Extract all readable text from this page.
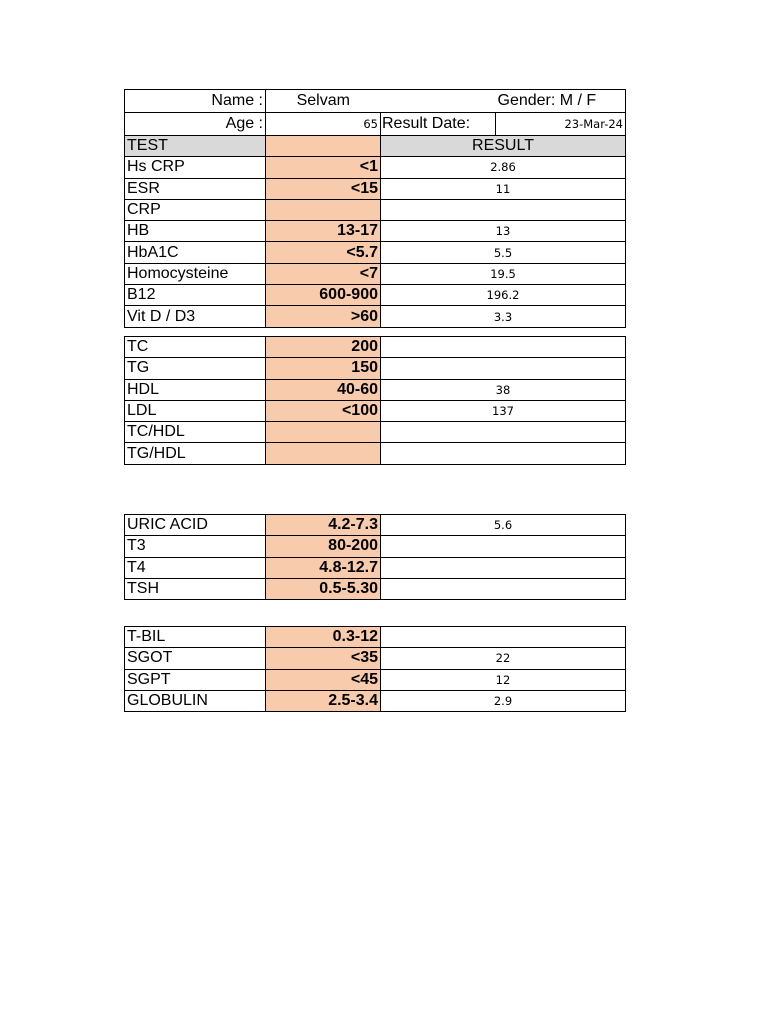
Name :	Selvam	Gender: M / F
Age :	65	Result Date: 23-Mar-24
TEST		RESULT
Hs CRP	<1	2.86
ESR	<15	11
CRP		
HB	13-17	13
HbA1C	<5.7	5.5
Homocysteine	<7	19.5
B12	600-900	196.2
Vit D / D3	>60	3.3
TC	200	
TG	150	
HDL	40-60	38
LDL	<100	137
TC/HDL		
TG/HDL		
URIC ACID	4.2-7.3	5.6
T3	80-200	
T4	4.8-12.7	
TSH	0.5-5.30	
T-BIL	0.3-12	
SGOT	<35	22
SGPT	<45	12
GLOBULIN	2.5-3.4	2.9
